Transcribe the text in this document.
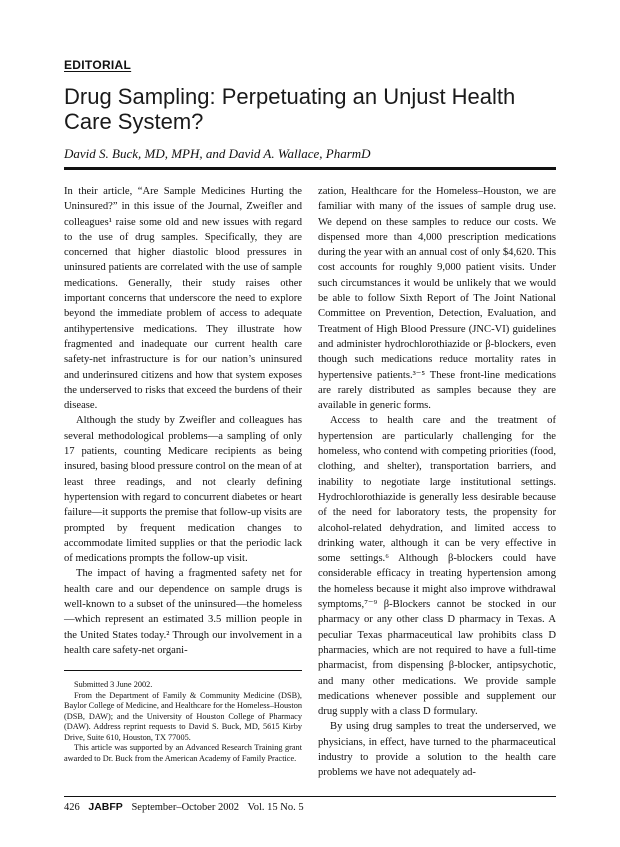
EDITORIAL
Drug Sampling: Perpetuating an Unjust Health Care System?
David S. Buck, MD, MPH, and David A. Wallace, PharmD

In their article, “Are Sample Medicines Hurting the Uninsured?” in this issue of the Journal, Zweifler and colleagues¹ raise some old and new issues with regard to the use of drug samples. Specifically, they are concerned that higher diastolic blood pressures in uninsured patients are correlated with the use of sample medications. Generally, their study raises other important concerns that underscore the need to explore beyond the immediate problem of access to adequate antihypertensive medications. They illustrate how fragmented and inadequate our current health care safety-net infrastructure is for our nation’s uninsured and underinsured citizens and how that system exposes the underserved to risks that exceed the burdens of their disease.

Although the study by Zweifler and colleagues has several methodological problems—a sampling of only 17 patients, counting Medicare recipients as being insured, basing blood pressure control on the mean of at least three readings, and not clearly defining hypertension with regard to concurrent diabetes or heart failure—it supports the premise that follow-up visits are prompted by frequent medication changes to accommodate limited supplies or that the periodic lack of medications prompts the follow-up visit.

The impact of having a fragmented safety net for health care and our dependence on sample drugs is well-known to a subset of the uninsured—the homeless—which represent an estimated 3.5 million people in the United States today.² Through our involvement in a health care safety-net organi-

Submitted 3 June 2002.

From the Department of Family & Community Medicine (DSB), Baylor College of Medicine, and Healthcare for the Homeless–Houston (DSB, DAW); and the University of Houston College of Pharmacy (DAW). Address reprint requests to David S. Buck, MD, 5615 Kirby Drive, Suite 610, Houston, TX 77005.

This article was supported by an Advanced Research Training grant awarded to Dr. Buck from the American Academy of Family Practice.

zation, Healthcare for the Homeless–Houston, we are familiar with many of the issues of sample drug use. We depend on these samples to reduce our costs. We dispensed more than 4,000 prescription medications during the year with an annual cost of only $4,620. This cost accounts for roughly 9,000 patient visits. Under such circumstances it would be unlikely that we would be able to follow Sixth Report of The Joint National Committee on Prevention, Detection, Evaluation, and Treatment of High Blood Pressure (JNC-VI) guidelines and administer hydrochlorothiazide or β-blockers, even though such medications reduce mortality rates in hypertensive patients.³⁻⁵ These front-line medications are rarely distributed as samples because they are available in generic forms.

Access to health care and the treatment of hypertension are particularly challenging for the homeless, who contend with competing priorities (food, clothing, and shelter), transportation barriers, and inability to negotiate large institutional settings. Hydrochlorothiazide is generally less desirable because of the need for laboratory tests, the propensity for alcohol-related dehydration, and limited access to drinking water, although it can be very effective in some settings.⁶ Although β-blockers could have considerable efficacy in treating hypertension among the homeless because it might also improve withdrawal symptoms,⁷⁻⁹ β-Blockers cannot be stocked in our pharmacy or any other class D pharmacy in Texas. A peculiar Texas pharmaceutical law prohibits class D pharmacies, which are not required to have a full-time pharmacist, from dispensing β-blocker, antipsychotic, and many other medications. We provide sample medications whenever possible and supplement our drug supply with a class D formulary.

By using drug samples to treat the underserved, we physicians, in effect, have turned to the pharmaceutical industry to provide a solution to the health care problems we have not adequately ad-

426 JABFP September–October 2002 Vol. 15 No. 5
